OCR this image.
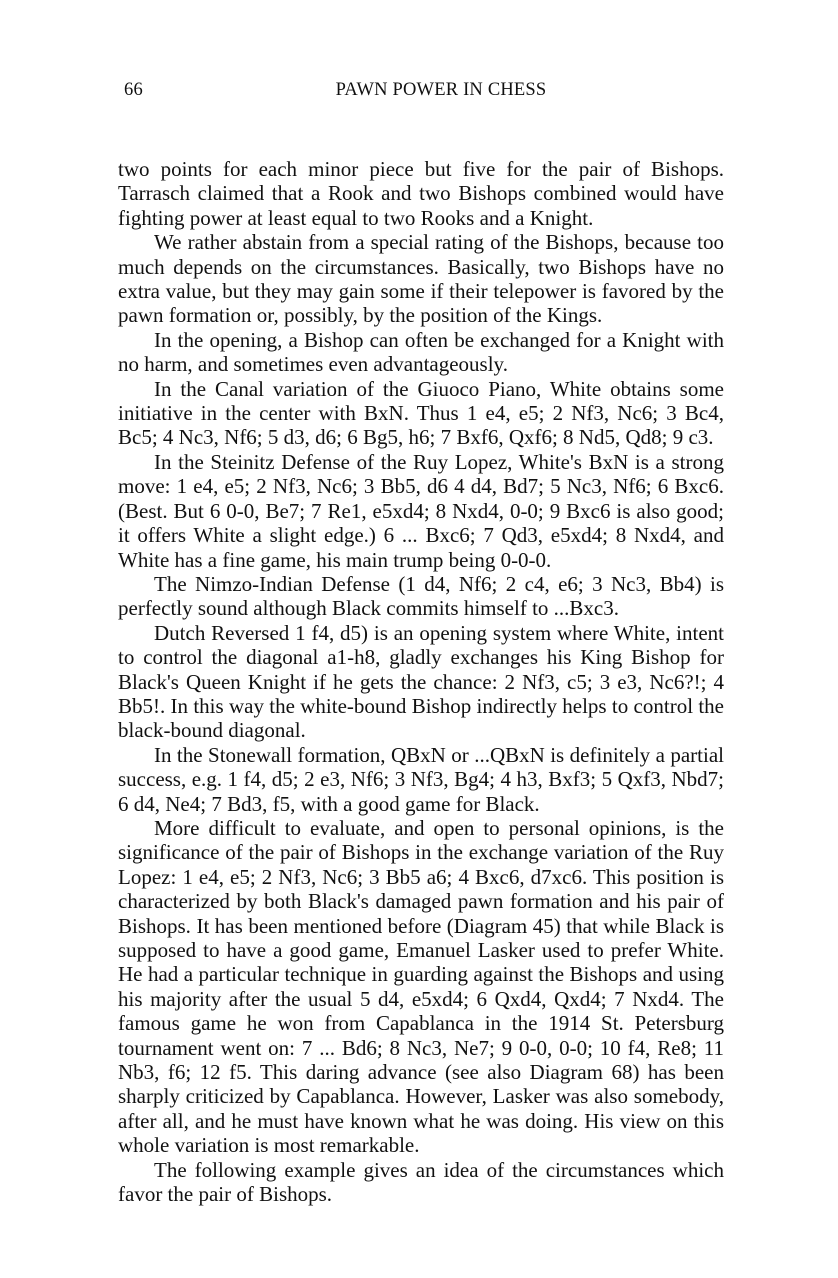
66	PAWN POWER IN CHESS

two points for each minor piece but five for the pair of Bishops. Tarrasch claimed that a Rook and two Bishops combined would have fighting power at least equal to two Rooks and a Knight.

We rather abstain from a special rating of the Bishops, because too much depends on the circumstances. Basically, two Bishops have no extra value, but they may gain some if their telepower is favored by the pawn formation or, possibly, by the position of the Kings.

In the opening, a Bishop can often be exchanged for a Knight with no harm, and sometimes even advantageously.

In the Canal variation of the Giuoco Piano, White obtains some initiative in the center with BxN. Thus 1 e4, e5; 2 Nf3, Nc6; 3 Bc4, Bc5; 4 Nc3, Nf6; 5 d3, d6; 6 Bg5, h6; 7 Bxf6, Qxf6; 8 Nd5, Qd8; 9 c3.

In the Steinitz Defense of the Ruy Lopez, White's BxN is a strong move: 1 e4, e5; 2 Nf3, Nc6; 3 Bb5, d6 4 d4, Bd7; 5 Nc3, Nf6; 6 Bxc6. (Best. But 6 0-0, Be7; 7 Re1, e5xd4; 8 Nxd4, 0-0; 9 Bxc6 is also good; it offers White a slight edge.) 6 ... Bxc6; 7 Qd3, e5xd4; 8 Nxd4, and White has a fine game, his main trump being 0-0-0.

The Nimzo-Indian Defense (1 d4, Nf6; 2 c4, e6; 3 Nc3, Bb4) is perfectly sound although Black commits himself to ...Bxc3.

Dutch Reversed 1 f4, d5) is an opening system where White, intent to control the diagonal a1-h8, gladly exchanges his King Bishop for Black's Queen Knight if he gets the chance: 2 Nf3, c5; 3 e3, Nc6?!; 4 Bb5!. In this way the white-bound Bishop indirectly helps to control the black-bound diagonal.

In the Stonewall formation, QBxN or ...QBxN is definitely a partial success, e.g. 1 f4, d5; 2 e3, Nf6; 3 Nf3, Bg4; 4 h3, Bxf3; 5 Qxf3, Nbd7; 6 d4, Ne4; 7 Bd3, f5, with a good game for Black.

More difficult to evaluate, and open to personal opinions, is the significance of the pair of Bishops in the exchange variation of the Ruy Lopez: 1 e4, e5; 2 Nf3, Nc6; 3 Bb5 a6; 4 Bxc6, d7xc6. This position is characterized by both Black's damaged pawn formation and his pair of Bishops. It has been mentioned before (Diagram 45) that while Black is supposed to have a good game, Emanuel Lasker used to prefer White. He had a particular technique in guarding against the Bishops and using his majority after the usual 5 d4, e5xd4; 6 Qxd4, Qxd4; 7 Nxd4. The famous game he won from Capablanca in the 1914 St. Petersburg tournament went on: 7 ... Bd6; 8 Nc3, Ne7; 9 0-0, 0-0; 10 f4, Re8; 11 Nb3, f6; 12 f5. This daring advance (see also Diagram 68) has been sharply criticized by Capablanca. However, Lasker was also somebody, after all, and he must have known what he was doing. His view on this whole variation is most remarkable.

The following example gives an idea of the circumstances which favor the pair of Bishops.
